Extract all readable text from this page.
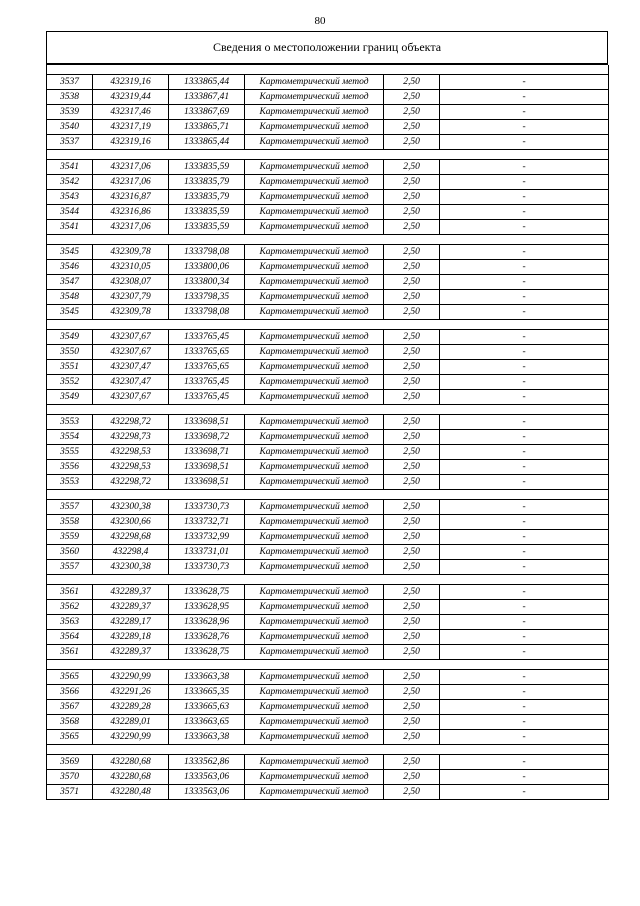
80
Сведения о местоположении границ объекта

3537	432319,16	1333865,44	Картометрический метод	2,50	-
3538	432319,44	1333867,41	Картометрический метод	2,50	-
3539	432317,46	1333867,69	Картометрический метод	2,50	-
3540	432317,19	1333865,71	Картометрический метод	2,50	-
3537	432319,16	1333865,44	Картометрический метод	2,50	-

3541	432317,06	1333835,59	Картометрический метод	2,50	-
3542	432317,06	1333835,79	Картометрический метод	2,50	-
3543	432316,87	1333835,79	Картометрический метод	2,50	-
3544	432316,86	1333835,59	Картометрический метод	2,50	-
3541	432317,06	1333835,59	Картометрический метод	2,50	-

3545	432309,78	1333798,08	Картометрический метод	2,50	-
3546	432310,05	1333800,06	Картометрический метод	2,50	-
3547	432308,07	1333800,34	Картометрический метод	2,50	-
3548	432307,79	1333798,35	Картометрический метод	2,50	-
3545	432309,78	1333798,08	Картометрический метод	2,50	-

3549	432307,67	1333765,45	Картометрический метод	2,50	-
3550	432307,67	1333765,65	Картометрический метод	2,50	-
3551	432307,47	1333765,65	Картометрический метод	2,50	-
3552	432307,47	1333765,45	Картометрический метод	2,50	-
3549	432307,67	1333765,45	Картометрический метод	2,50	-

3553	432298,72	1333698,51	Картометрический метод	2,50	-
3554	432298,73	1333698,72	Картометрический метод	2,50	-
3555	432298,53	1333698,71	Картометрический метод	2,50	-
3556	432298,53	1333698,51	Картометрический метод	2,50	-
3553	432298,72	1333698,51	Картометрический метод	2,50	-

3557	432300,38	1333730,73	Картометрический метод	2,50	-
3558	432300,66	1333732,71	Картометрический метод	2,50	-
3559	432298,68	1333732,99	Картометрический метод	2,50	-
3560	432298,4	1333731,01	Картометрический метод	2,50	-
3557	432300,38	1333730,73	Картометрический метод	2,50	-

3561	432289,37	1333628,75	Картометрический метод	2,50	-
3562	432289,37	1333628,95	Картометрический метод	2,50	-
3563	432289,17	1333628,96	Картометрический метод	2,50	-
3564	432289,18	1333628,76	Картометрический метод	2,50	-
3561	432289,37	1333628,75	Картометрический метод	2,50	-

3565	432290,99	1333663,38	Картометрический метод	2,50	-
3566	432291,26	1333665,35	Картометрический метод	2,50	-
3567	432289,28	1333665,63	Картометрический метод	2,50	-
3568	432289,01	1333663,65	Картометрический метод	2,50	-
3565	432290,99	1333663,38	Картометрический метод	2,50	-

3569	432280,68	1333562,86	Картометрический метод	2,50	-
3570	432280,68	1333563,06	Картометрический метод	2,50	-
3571	432280,48	1333563,06	Картометрический метод	2,50	-
